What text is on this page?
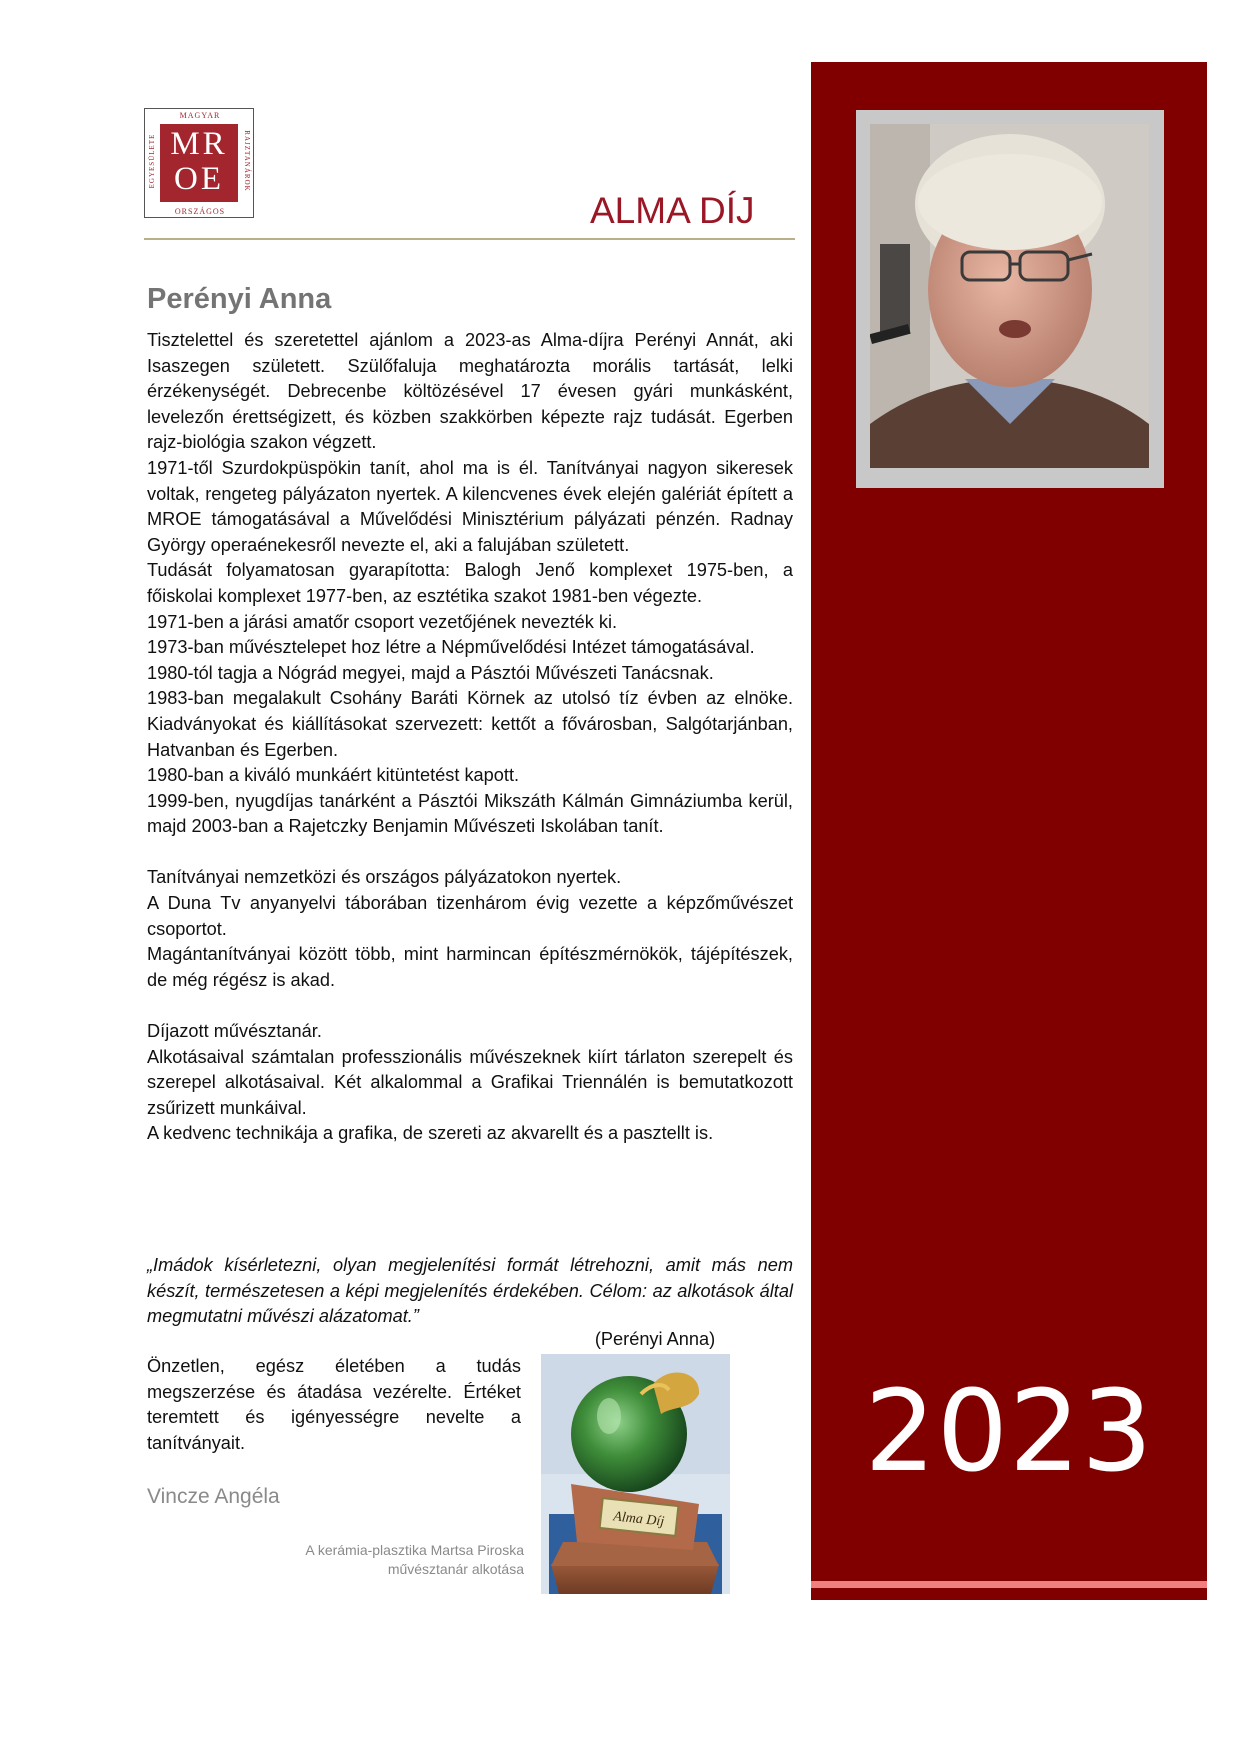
MAGYAR
EGYESÜLETE	RAJZTANÁROK
MR
OE
ORSZÁGOS	ALMA DÍJ
Perényi Anna

Tisztelettel és szeretettel ajánlom a 2023-as Alma-díjra Perényi Annát, aki Isaszegen született. Szülőfaluja meghatározta morális tartását, lelki érzékenységét. Debrecenbe költözésével 17 évesen gyári munkásként, levelezőn érettségizett, és közben szakkörben képezte rajz tudását. Egerben rajz-biológia szakon végzett.

1971-től Szurdokpüspökin tanít, ahol ma is él. Tanítványai nagyon sikeresek voltak, rengeteg pályázaton nyertek. A kilencvenes évek elején galériát épített a MROE támogatásával a Művelődési Minisztérium pályázati pénzén. Radnay György operaénekesről nevezte el, aki a falujában született.

Tudását folyamatosan gyarapította: Balogh Jenő komplexet 1975-ben, a főiskolai komplexet 1977-ben, az esztétika szakot 1981-ben végezte.

1971-ben a járási amatőr csoport vezetőjének nevezték ki.

1973-ban művésztelepet hoz létre a Népművelődési Intézet támogatásával.

1980-tól tagja a Nógrád megyei, majd a Pásztói Művészeti Tanácsnak.

1983-ban megalakult Csohány Baráti Körnek az utolsó tíz évben az elnöke. Kiadványokat és kiállításokat szervezett: kettőt a fővárosban, Salgótarjánban, Hatvanban és Egerben.

1980-ban a kiváló munkáért kitüntetést kapott.

1999-ben, nyugdíjas tanárként a Pásztói Mikszáth Kálmán Gimnáziumba kerül, majd 2003-ban a Rajetczky Benjamin Művészeti Iskolában tanít.

Tanítványai nemzetközi és országos pályázatokon nyertek.

A Duna Tv anyanyelvi táborában tizenhárom évig vezette a képzőművészet csoportot.

Magántanítványai között több, mint harmincan építészmérnökök, tájépítészek, de még régész is akad.

Díjazott művésztanár.

Alkotásaival számtalan professzionális művészeknek kiírt tárlaton szerepelt és szerepel alkotásaival. Két alkalommal a Grafikai Triennálén is bemutatkozott zsűrizett munkáival.

A kedvenc technikája a grafika, de szereti az akvarellt és a pasztellt is.

„Imádok kísérletezni, olyan megjelenítési formát létrehozni, amit más nem készít, természetesen a képi megjelenítés érdekében. Célom: az alkotások által megmutatni művészi alázatomat.”

(Perényi Anna)

Önzetlen, egész életében a tudás megszerzése és átadása vezérelte. Értéket teremtett és igényességre nevelte a tanítványait.

Vincze Angéla
A kerámia-plasztika Martsa Piroska
művésztanár alkotása
Alma Díj
2023
